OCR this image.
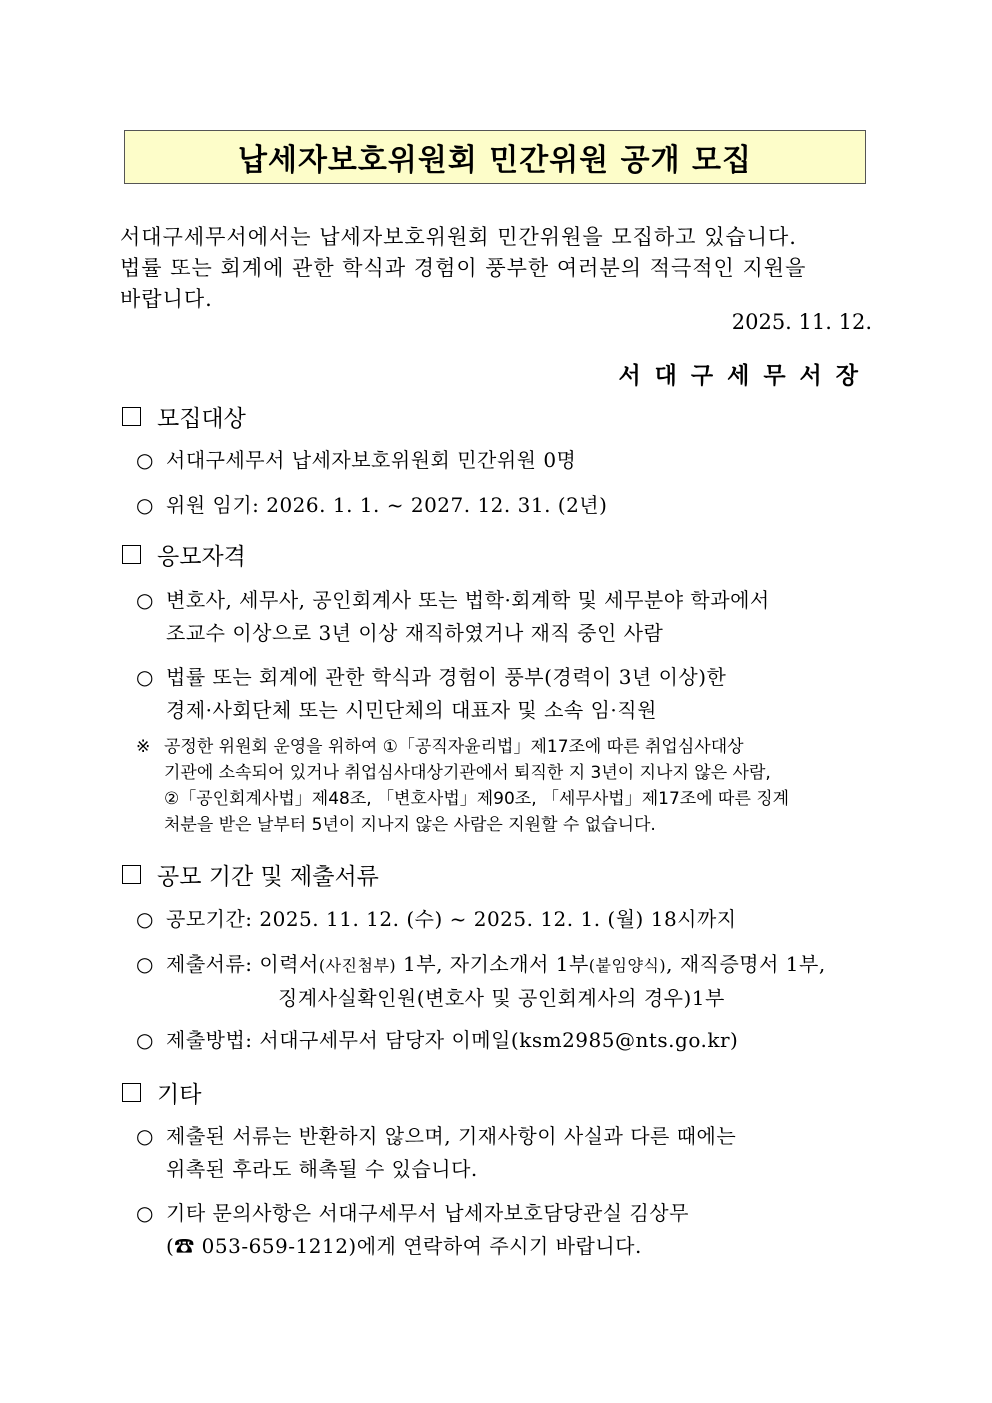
납세자보호위원회 민간위원 공개 모집

서대구세무서에서는 납세자보호위원회 민간위원을 모집하고 있습니다.

법률 또는 회계에 관한 학식과 경험이 풍부한 여러분의 적극적인 지원을

바랍니다.

2025. 11. 12.
서대구세무서장
모집대상
○ 서대구세무서 납세자보호위원회 민간위원 0명
○ 위원 임기: 2026. 1. 1. ~ 2027. 12. 31. (2년)
응모자격
○ 변호사, 세무사, 공인회계사 또는 법학·회계학 및 세무분야 학과에서
조교수 이상으로 3년 이상 재직하였거나 재직 중인 사람
○ 법률 또는 회계에 관한 학식과 경험이 풍부(경력이 3년 이상)한
경제·사회단체 또는 시민단체의 대표자 및 소속 임·직원
※ 공정한 위원회 운영을 위하여 ①「공직자윤리법」제17조에 따른 취업심사대상
기관에 소속되어 있거나 취업심사대상기관에서 퇴직한 지 3년이 지나지 않은 사람,
②「공인회계사법」제48조, 「변호사법」제90조, 「세무사법」제17조에 따른 징계
처분을 받은 날부터 5년이 지나지 않은 사람은 지원할 수 없습니다.
공모 기간 및 제출서류
○ 공모기간: 2025. 11. 12. (수) ~ 2025. 12. 1. (월) 18시까지
○ 제출서류: 이력서(사진첨부) 1부, 자기소개서 1부(붙임양식), 재직증명서 1부,
징계사실확인원(변호사 및 공인회계사의 경우)1부
○ 제출방법: 서대구세무서 담당자 이메일(ksm2985@nts.go.kr)
기타
○ 제출된 서류는 반환하지 않으며, 기재사항이 사실과 다른 때에는
위촉된 후라도 해촉될 수 있습니다.
○ 기타 문의사항은 서대구세무서 납세자보호담당관실 김상무
(☎ 053-659-1212)에게 연락하여 주시기 바랍니다.
